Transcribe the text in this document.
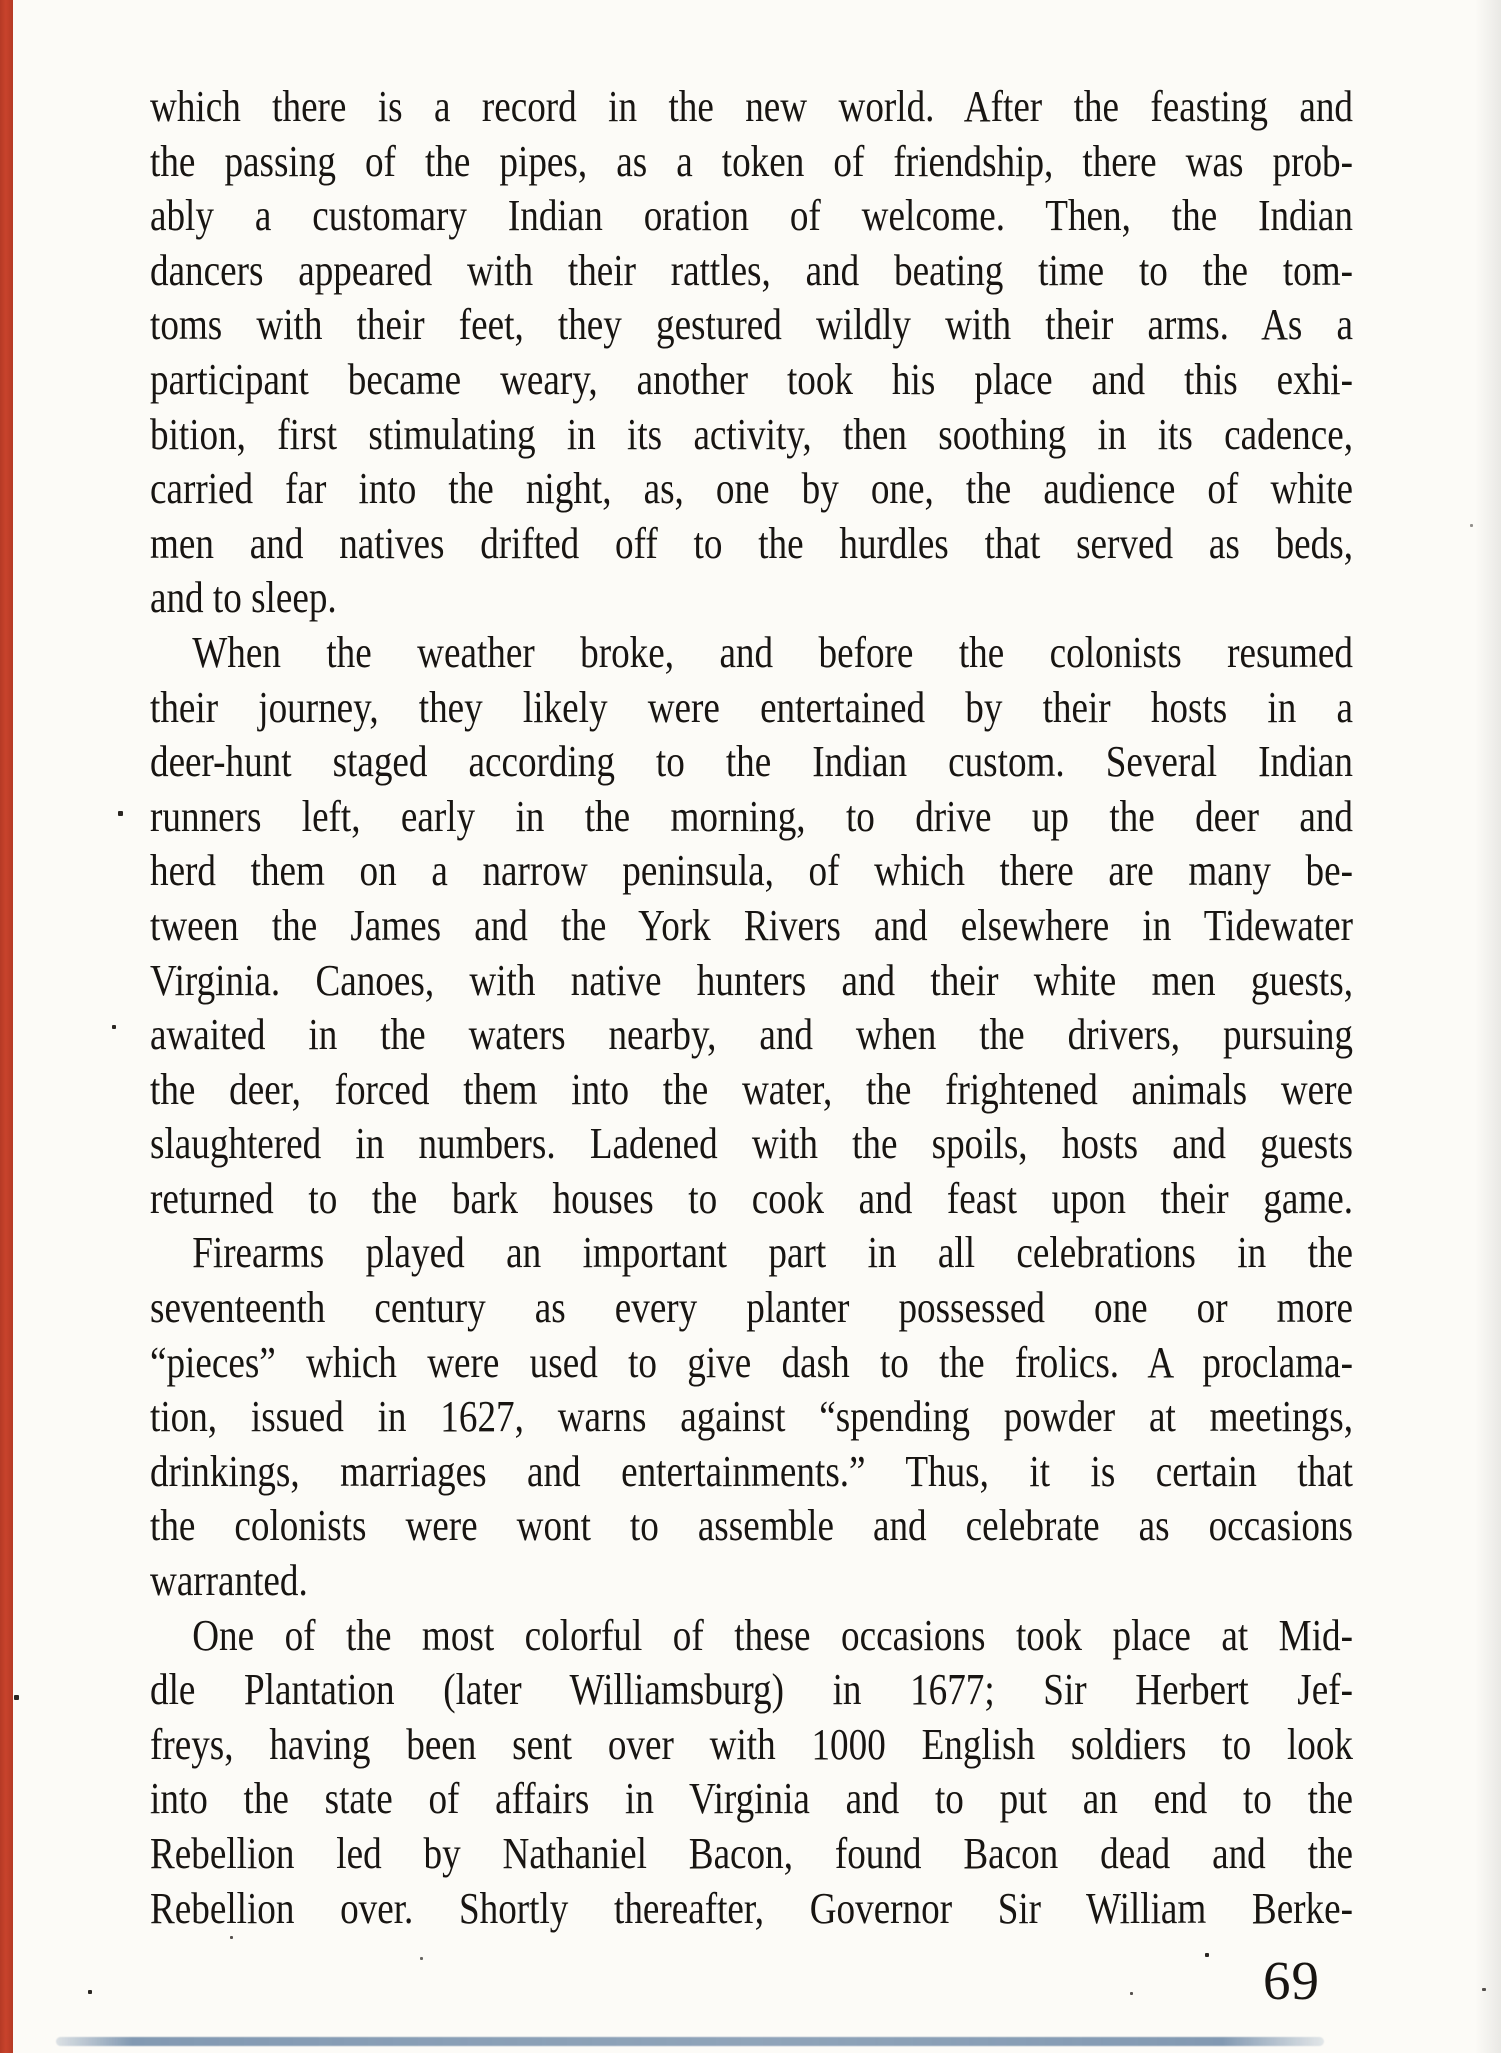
which there is a record in the new world. After the feasting and
the passing of the pipes, as a token of friendship, there was prob-
ably a customary Indian oration of welcome. Then, the Indian
dancers appeared with their rattles, and beating time to the tom-
toms with their feet, they gestured wildly with their arms. As a
participant became weary, another took his place and this exhi-
bition, first stimulating in its activity, then soothing in its cadence,
carried far into the night, as, one by one, the audience of white
men and natives drifted off to the hurdles that served as beds,
and to sleep.
When the weather broke, and before the colonists resumed
their journey, they likely were entertained by their hosts in a
deer-hunt staged according to the Indian custom. Several Indian
runners left, early in the morning, to drive up the deer and
herd them on a narrow peninsula, of which there are many be-
tween the James and the York Rivers and elsewhere in Tidewater
Virginia. Canoes, with native hunters and their white men guests,
awaited in the waters nearby, and when the drivers, pursuing
the deer, forced them into the water, the frightened animals were
slaughtered in numbers. Ladened with the spoils, hosts and guests
returned to the bark houses to cook and feast upon their game.
Firearms played an important part in all celebrations in the
seventeenth century as every planter possessed one or more
“pieces” which were used to give dash to the frolics. A proclama-
tion, issued in 1627, warns against “spending powder at meetings,
drinkings, marriages and entertainments.” Thus, it is certain that
the colonists were wont to assemble and celebrate as occasions
warranted.
One of the most colorful of these occasions took place at Mid-
dle Plantation (later Williamsburg) in 1677; Sir Herbert Jef-
freys, having been sent over with 1000 English soldiers to look
into the state of affairs in Virginia and to put an end to the
Rebellion led by Nathaniel Bacon, found Bacon dead and the
Rebellion over. Shortly thereafter, Governor Sir William Berke-
69
